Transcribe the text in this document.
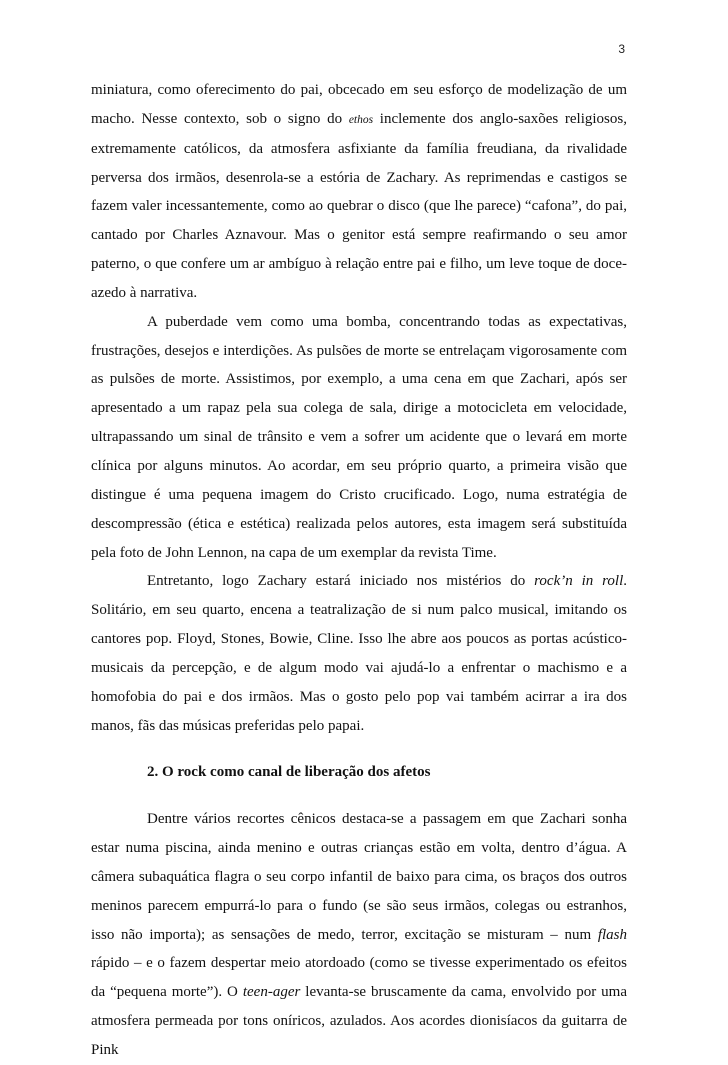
3

miniatura, como oferecimento do pai, obcecado em seu esforço de modelização de um macho. Nesse contexto, sob o signo do ethos inclemente dos anglo-saxões religiosos, extremamente católicos, da atmosfera asfixiante da família freudiana, da rivalidade perversa dos irmãos, desenrola-se a estória de Zachary. As reprimendas e castigos se fazem valer incessantemente, como ao quebrar o disco (que lhe parece) “cafona”, do pai, cantado por Charles Aznavour. Mas o genitor está sempre reafirmando o seu amor paterno, o que confere um ar ambíguo à relação entre pai e filho, um leve toque de doce-azedo à narrativa.

A puberdade vem como uma bomba, concentrando todas as expectativas, frustrações, desejos e interdições. As pulsões de morte se entrelaçam vigorosamente com as pulsões de morte. Assistimos, por exemplo, a uma cena em que Zachari, após ser apresentado a um rapaz pela sua colega de sala, dirige a motocicleta em velocidade, ultrapassando um sinal de trânsito e vem a sofrer um acidente que o levará em morte clínica por alguns minutos. Ao acordar, em seu próprio quarto, a primeira visão que distingue é uma pequena imagem do Cristo crucificado. Logo, numa estratégia de descompressão (ética e estética) realizada pelos autores, esta imagem será substituída pela foto de John Lennon, na capa de um exemplar da revista Time.

Entretanto, logo Zachary estará iniciado nos mistérios do rock’n in roll. Solitário, em seu quarto, encena a teatralização de si num palco musical, imitando os cantores pop. Floyd, Stones, Bowie, Cline. Isso lhe abre aos poucos as portas acústico-musicais da percepção, e de algum modo vai ajudá-lo a enfrentar o machismo e a homofobia do pai e dos irmãos. Mas o gosto pelo pop vai também acirrar a ira dos manos, fãs das músicas preferidas pelo papai.

2. O rock como canal de liberação dos afetos

Dentre vários recortes cênicos destaca-se a passagem em que Zachari sonha estar numa piscina, ainda menino e outras crianças estão em volta, dentro d’água. A câmera subaquática flagra o seu corpo infantil de baixo para cima, os braços dos outros meninos parecem empurrá-lo para o fundo (se são seus irmãos, colegas ou estranhos, isso não importa); as sensações de medo, terror, excitação se misturam – num flash rápido – e o fazem despertar meio atordoado (como se tivesse experimentado os efeitos da “pequena morte”). O teen-ager levanta-se bruscamente da cama, envolvido por uma atmosfera permeada por tons oníricos, azulados. Aos acordes dionisíacos da guitarra de Pink
